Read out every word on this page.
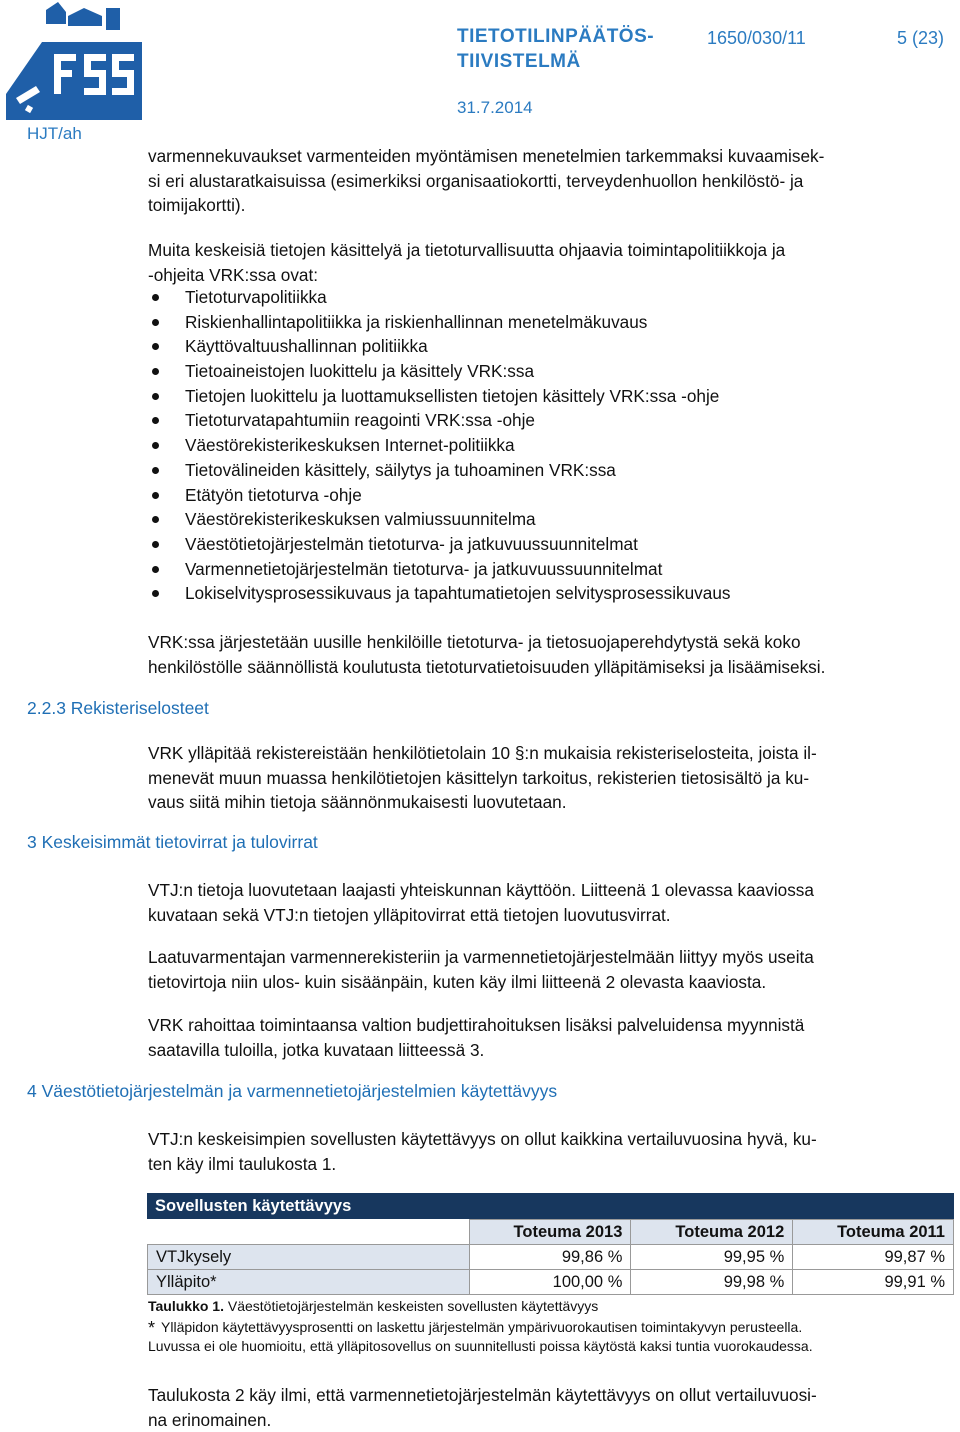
TIETOTILINPÄÄTÖS-
TIIVISTELMÄ
1650/030/11	5 (23)
31.7.2014
HJT/ah
varmennekuvaukset varmenteiden myöntämisen menetelmien tarkemmaksi kuvaamisek-
si eri alustaratkaisuissa (esimerkiksi organisaatiokortti, terveydenhuollon henkilöstö- ja
toimijakortti).
Muita keskeisiä tietojen käsittelyä ja tietoturvallisuutta ohjaavia toimintapolitiikkoja ja
-ohjeita VRK:ssa ovat:
Tietoturvapolitiikka
Riskienhallintapolitiikka ja riskienhallinnan menetelmäkuvaus
Käyttövaltuushallinnan politiikka
Tietoaineistojen luokittelu ja käsittely VRK:ssa
Tietojen luokittelu ja luottamuksellisten tietojen käsittely VRK:ssa -ohje
Tietoturvatapahtumiin reagointi VRK:ssa -ohje
Väestörekisterikeskuksen Internet-politiikka
Tietovälineiden käsittely, säilytys ja tuhoaminen VRK:ssa
Etätyön tietoturva -ohje
Väestörekisterikeskuksen valmiussuunnitelma
Väestötietojärjestelmän tietoturva- ja jatkuvuussuunnitelmat
Varmennetietojärjestelmän tietoturva- ja jatkuvuussuunnitelmat
Lokiselvitysprosessikuvaus ja tapahtumatietojen selvitysprosessikuvaus
VRK:ssa järjestetään uusille henkilöille tietoturva- ja tietosuojaperehdytystä sekä koko
henkilöstölle säännöllistä koulutusta tietoturvatietoisuuden ylläpitämiseksi ja lisäämiseksi.
2.2.3 Rekisteriselosteet
VRK ylläpitää rekistereistään henkilötietolain 10 §:n mukaisia rekisteriselosteita, joista il-
menevät muun muassa henkilötietojen käsittelyn tarkoitus, rekisterien tietosisältö ja ku-
vaus siitä mihin tietoja säännönmukaisesti luovutetaan.
3 Keskeisimmät tietovirrat ja tulovirrat
VTJ:n tietoja luovutetaan laajasti yhteiskunnan käyttöön. Liitteenä 1 olevassa kaaviossa
kuvataan sekä VTJ:n tietojen ylläpitovirrat että tietojen luovutusvirrat.
Laatuvarmentajan varmennerekisteriin ja varmennetietojärjestelmään liittyy myös useita
tietovirtoja niin ulos- kuin sisäänpäin, kuten käy ilmi liitteenä 2 olevasta kaaviosta.
VRK rahoittaa toimintaansa valtion budjettirahoituksen lisäksi palveluidensa myynnistä
saatavilla tuloilla, jotka kuvataan liitteessä 3.
4 Väestötietojärjestelmän ja varmennetietojärjestelmien käytettävyys
VTJ:n keskeisimpien sovellusten käytettävyys on ollut kaikkina vertailuvuosina hyvä, ku-
ten käy ilmi taulukosta 1.
Sovellusten käytettävyys
	Toteuma 2013	Toteuma 2012	Toteuma 2011
VTJkysely	99,86 %	99,95 %	99,87 %
Ylläpito*	100,00 %	99,98 %	99,91 %
Taulukko 1. Väestötietojärjestelmän keskeisten sovellusten käytettävyys
* Ylläpidon käytettävyysprosentti on laskettu järjestelmän ympärivuorokautisen toimintakyvyn perusteella.
Luvussa ei ole huomioitu, että ylläpitosovellus on suunnitellusti poissa käytöstä kaksi tuntia vuorokaudessa.
Taulukosta 2 käy ilmi, että varmennetietojärjestelmän käytettävyys on ollut vertailuvuosi-
na erinomainen.
